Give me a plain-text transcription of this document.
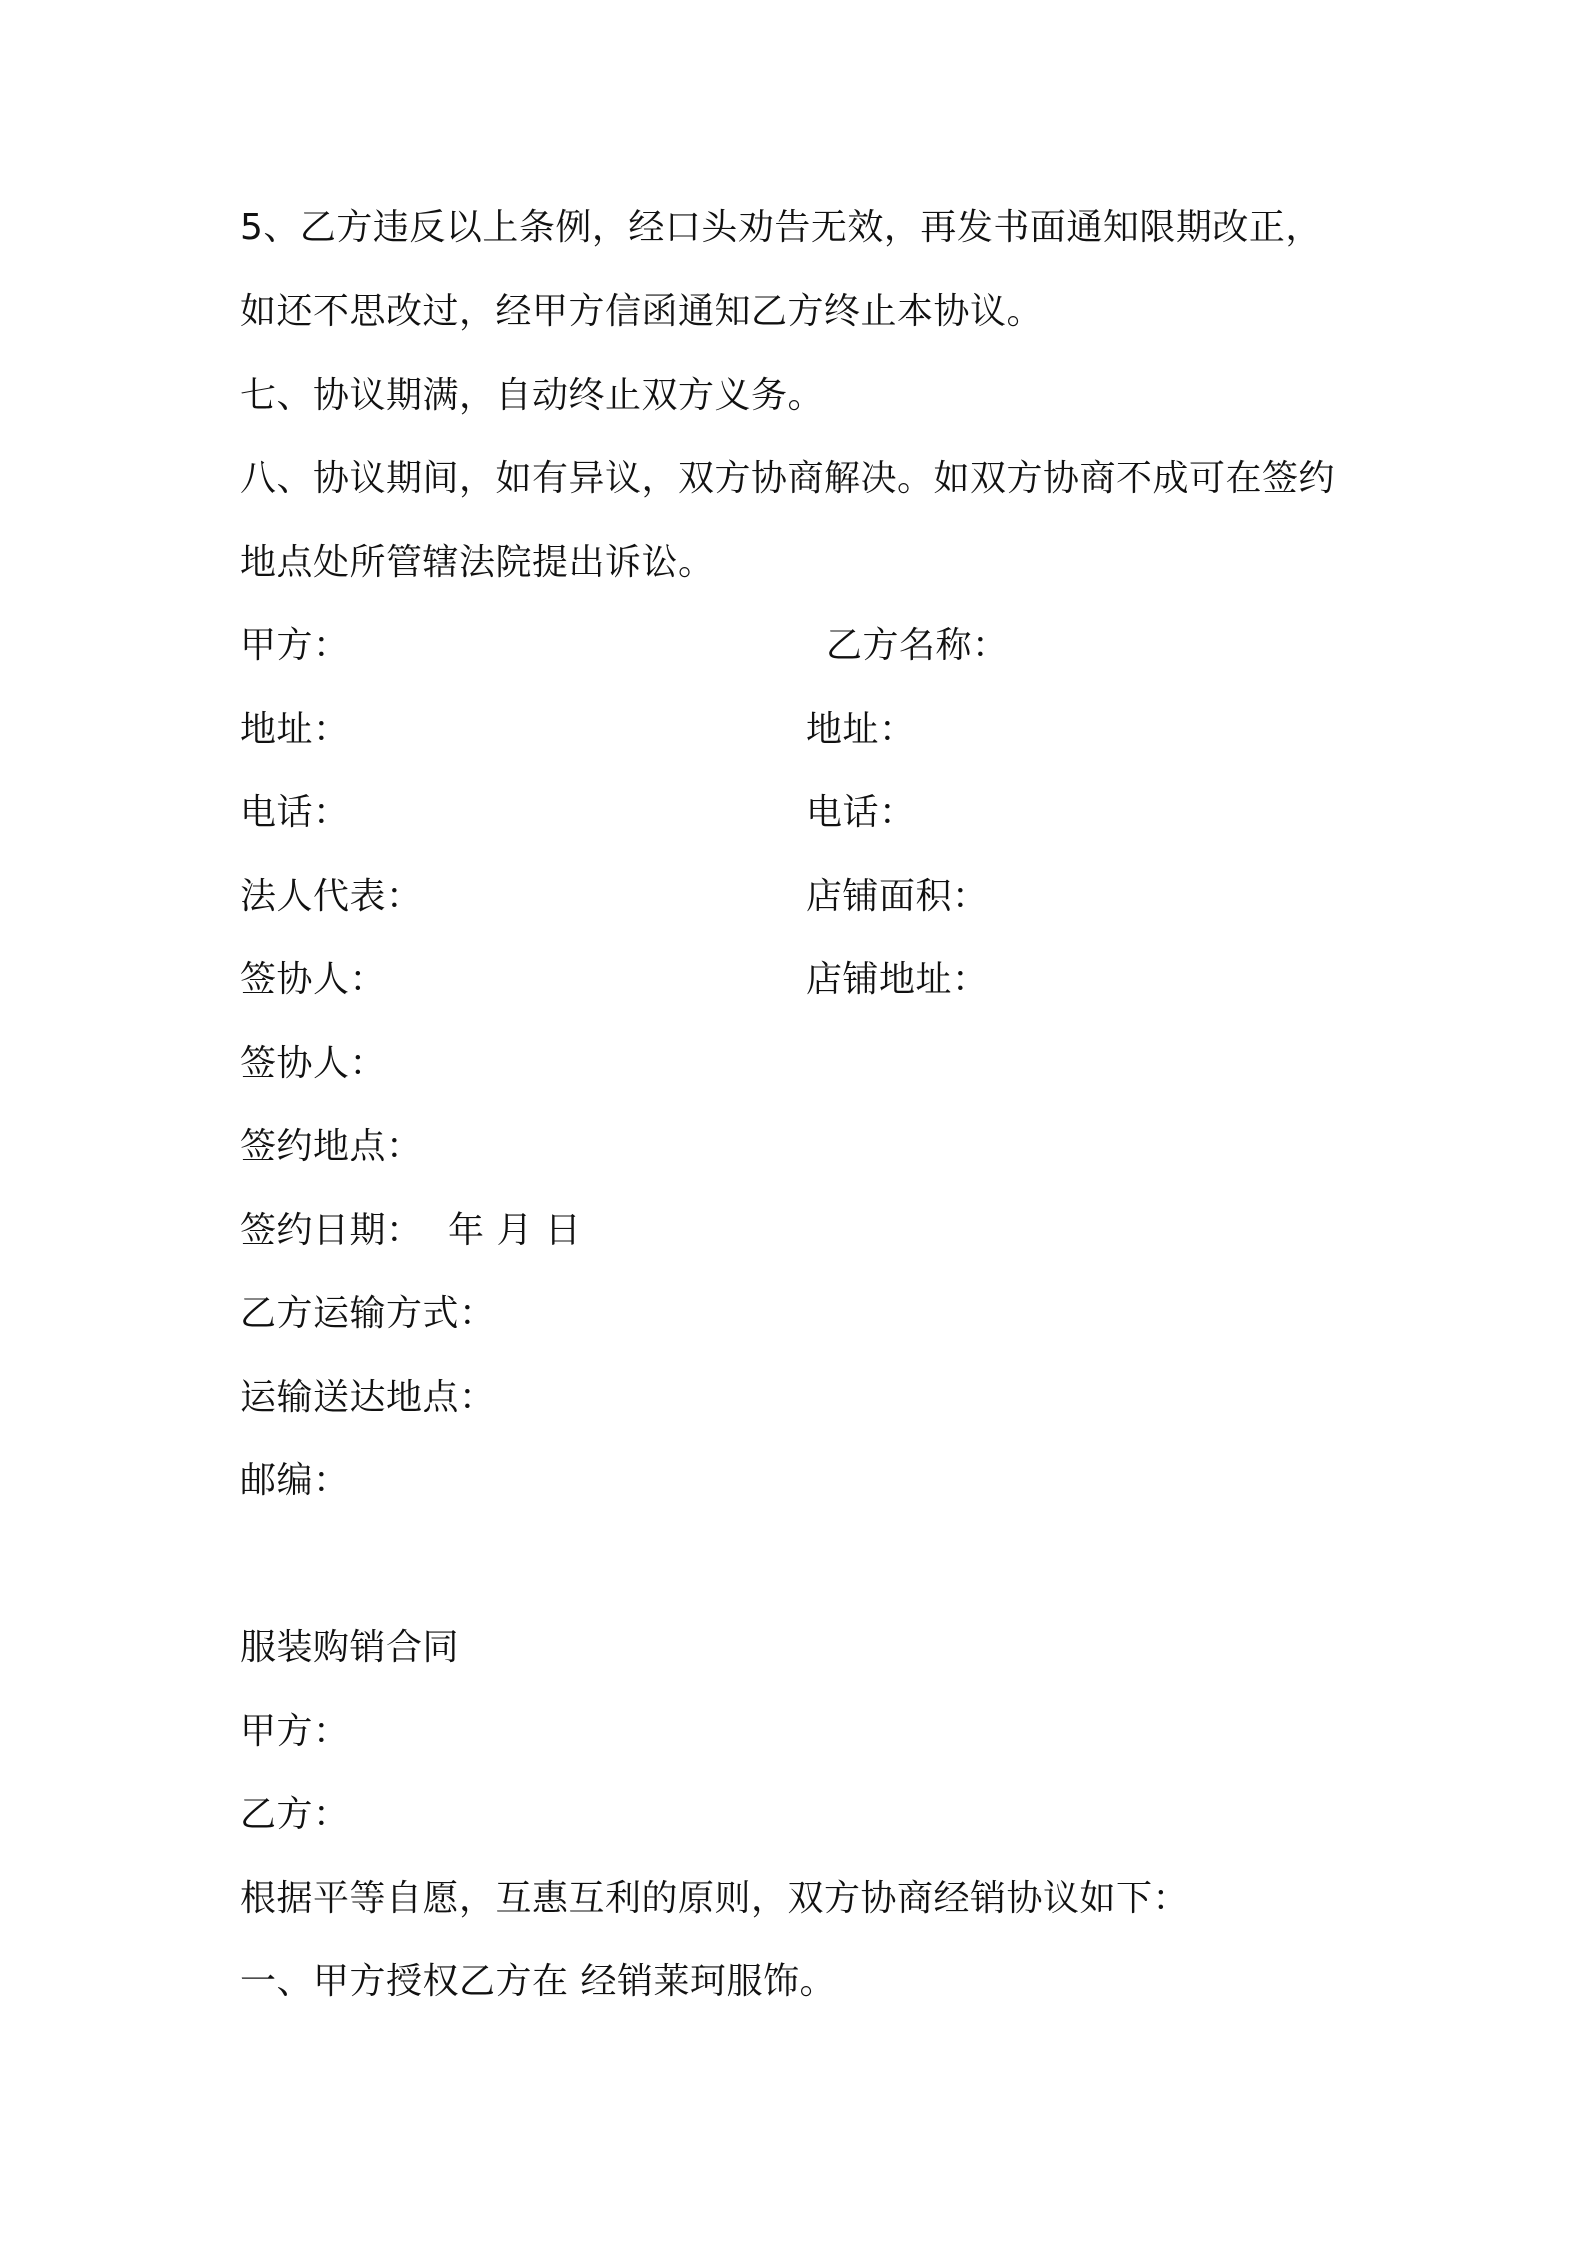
5、乙方违反以上条例，经口头劝告无效，再发书面通知限期改正，
如还不思改过，经甲方信函通知乙方终止本协议。
七、协议期满，自动终止双方义务。
八、协议期间，如有异议，双方协商解决。如双方协商不成可在签约
地点处所管辖法院提出诉讼。
甲方：	乙方名称：
地址：	地址：
电话：	电话：
法人代表：	店铺面积：
签协人：	店铺地址：
签协人：
签约地点：
签约日期： 年 月 日
乙方运输方式：
运输送达地点：
邮编：
服装购销合同
甲方：
乙方：
根据平等自愿，互惠互利的原则，双方协商经销协议如下：
一、甲方授权乙方在 经销莱珂服饰。
